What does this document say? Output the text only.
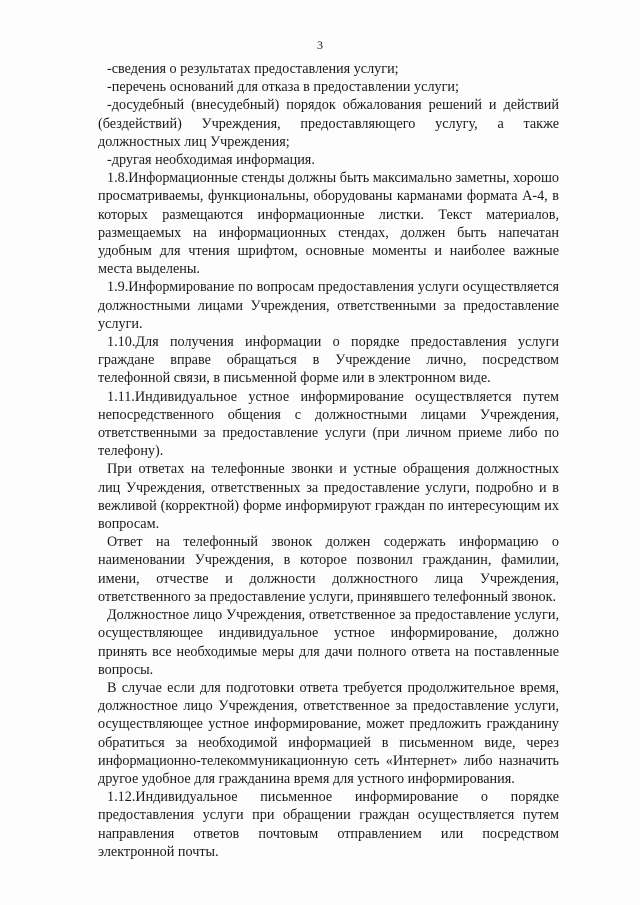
3

-сведения о результатах предоставления услуги;

-перечень оснований для отказа в предоставлении услуги;

-досудебный (внесудебный) порядок обжалования решений и действий (бездействий) Учреждения, предоставляющего услугу, а также должностных лиц Учреждения;

-другая необходимая информация.

1.8.Информационные стенды должны быть максимально заметны, хорошо просматриваемы, функциональны, оборудованы карманами формата А-4, в которых размещаются информационные листки. Текст материалов, размещаемых на информационных стендах, должен быть напечатан удобным для чтения шрифтом, основные моменты и наиболее важные места выделены.

1.9.Информирование по вопросам предоставления услуги осуществляется должностными лицами Учреждения, ответственными за предоставление услуги.

1.10.Для получения информации о порядке предоставления услуги граждане вправе обращаться в Учреждение лично, посредством телефонной связи, в письменной форме или в электронном виде.

1.11.Индивидуальное устное информирование осуществляется путем непосредственного общения с должностными лицами Учреждения, ответственными за предоставление услуги (при личном приеме либо по телефону).

При ответах на телефонные звонки и устные обращения должностных лиц Учреждения, ответственных за предоставление услуги, подробно и в вежливой (корректной) форме информируют граждан по интересующим их вопросам.

Ответ на телефонный звонок должен содержать информацию о наименовании Учреждения, в которое позвонил гражданин, фамилии, имени, отчестве и должности должностного лица Учреждения, ответственного за предоставление услуги, принявшего телефонный звонок.

Должностное лицо Учреждения, ответственное за предоставление услуги, осуществляющее индивидуальное устное информирование, должно принять все необходимые меры для дачи полного ответа на поставленные вопросы.

В случае если для подготовки ответа требуется продолжительное время, должностное лицо Учреждения, ответственное за предоставление услуги, осуществляющее устное информирование, может предложить гражданину обратиться за необходимой информацией в письменном виде, через информационно-телекоммуникационную сеть «Интернет» либо назначить другое удобное для гражданина время для устного информирования.

1.12.Индивидуальное письменное информирование о порядке предоставления услуги при обращении граждан осуществляется путем направления ответов почтовым отправлением или посредством электронной почты.
